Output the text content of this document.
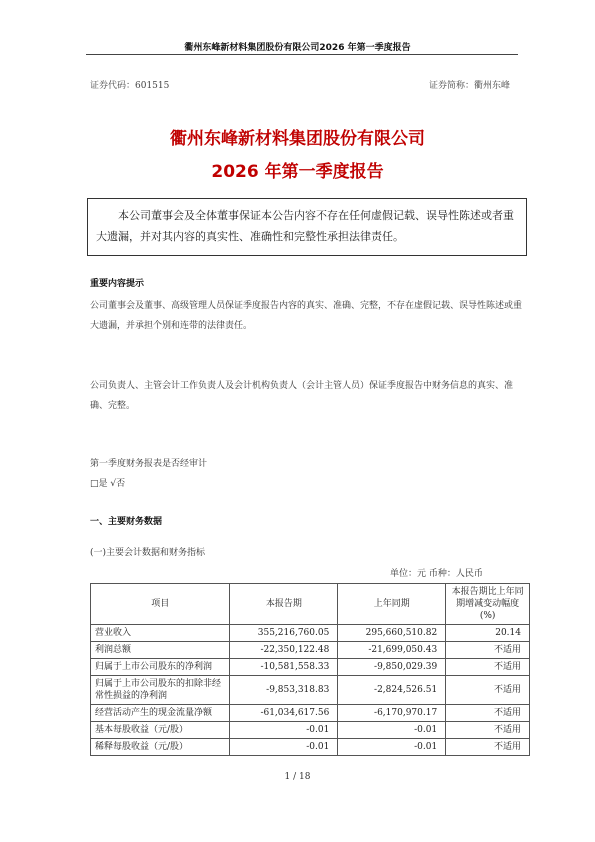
衢州东峰新材料集团股份有限公司2026 年第一季度报告
证券代码：601515	证券简称：衢州东峰
衢州东峰新材料集团股份有限公司
2026 年第一季度报告
本公司董事会及全体董事保证本公告内容不存在任何虚假记载、误导性陈述或者重大遗漏，并对其内容的真实性、准确性和完整性承担法律责任。
重要内容提示
公司董事会及董事、高级管理人员保证季度报告内容的真实、准确、完整，不存在虚假记载、误导性陈述或重大遗漏，并承担个别和连带的法律责任。
公司负责人、主管会计工作负责人及会计机构负责人（会计主管人员）保证季度报告中财务信息的真实、准确、完整。
第一季度财务报表是否经审计
□是 √否
一、主要财务数据
(一)主要会计数据和财务指标
单位：元 币种：人民币
项目	本报告期	上年同期	本报告期比上年同期增减变动幅度(%)
营业收入	355,216,760.05	295,660,510.82	20.14
利润总额	-22,350,122.48	-21,699,050.43	不适用
归属于上市公司股东的净利润	-10,581,558.33	-9,850,029.39	不适用
归属于上市公司股东的扣除非经常性损益的净利润	-9,853,318.83	-2,824,526.51	不适用
经营活动产生的现金流量净额	-61,034,617.56	-6,170,970.17	不适用
基本每股收益（元/股）	-0.01	-0.01	不适用
稀释每股收益（元/股）	-0.01	-0.01	不适用
1 / 18
